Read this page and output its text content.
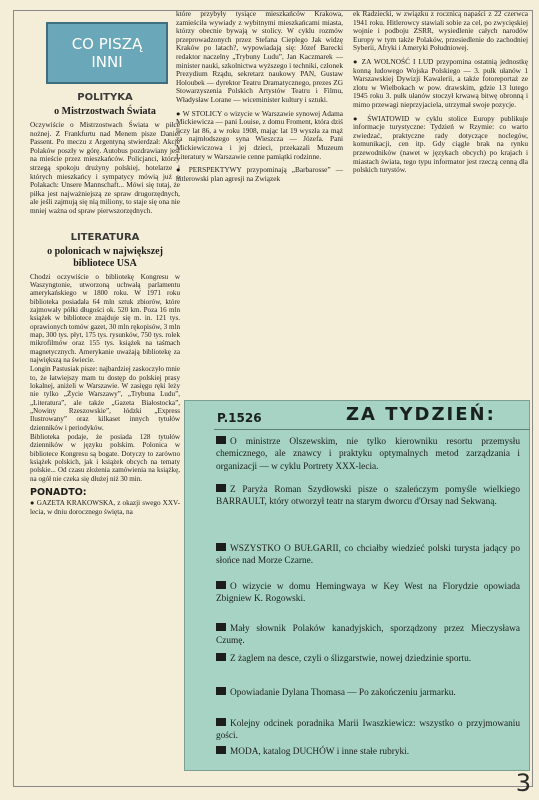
CO PISZĄ
INNI
POLITYKA
o Mistrzostwach Świata

Oczywiście o Mistrzostwach Świata w piłce nożnej. Z Frankfurtu nad Menem pisze Daniel Passent. Po meczu z Argentyną stwierdzał: Akcje Polaków poszły w górę. Autobus pozdrawiany jest na mieście przez mieszkańców. Policjanci, którzy strzegą spokoju drużyny polskiej, hotelarze i których mieszkańcy i sympatycy mówią już o Polakach: Unsere Mannschaft... Mówi się tutaj, że piłka jest najważniejszą ze spraw drugorzędnych, ale jeśli zajmują się nią miliony, to staje się ona nie mniej ważna od spraw pierwszorzędnych.

LITERATURA
o polonicach w największej bibliotece USA

Chodzi oczywiście o bibliotekę Kongresu w Waszyngtonie, utworzoną uchwałą parlamentu amerykańskiego w 1800 roku. W 1971 roku biblioteka posiadała 64 mln sztuk zbiorów, które zajmowały półki długości ok. 520 km. Poza 16 mln książek w bibliotece znajduje się m. in. 121 tys. oprawionych tomów gazet, 30 mln rękopisów, 3 mln map, 300 tys. płyt, 175 tys. rysunków, 750 tys. rolek mikrofilmów oraz 155 tys. książek na taśmach magnetycznych. Amerykanie uważają bibliotekę za największą na świecie.

Longin Pastusiak pisze: najbardziej zaskoczyło mnie to, że łatwiejszy mam tu dostęp do polskiej prasy lokalnej, aniżeli w Warszawie. W zasięgu ręki leży nie tylko „Życie Warszawy”, „Trybuna Ludu”, „Literatura”, ale także „Gazeta Białostocka”, „Nowiny Rzeszowskie”, łódzki „Express Ilustrowany” oraz kilkaset innych tytułów dzienników i periodyków.

Biblioteka podaje, że posiada 128 tytułów dzienników w języku polskim. Polonica w bibliotece Kongresu są bogate. Dotyczy to zarówno książek polskich, jak i książek obcych na tematy polskie... Od czasu złożenia zamówienia na książkę, na ogół nie czeka się dłużej niż 30 min.

PONADTO:

● GAZETA KRAKOWSKA, z okazji swego XXV-lecia, w dniu dorocznego święta, na

które przybyły tysiące mieszkańców Krakowa, zamieściła wywiady z wybitnymi mieszkańcami miasta, którzy obecnie bywają w stolicy. W cyklu rozmów przeprowadzonych przez Stefana Cieplego Jak widzę Kraków po latach?, wypowiadają się: Józef Barecki redaktor naczelny „Trybuny Ludu”, Jan Kaczmarek — minister nauki, szkolnictwa wyższego i techniki, członek Prezydium Rządu, sekretarz naukowy PAN, Gustaw Holoubek — dyrektor Teatru Dramatycznego, prezes ZG Stowarzyszenia Polskich Artystów Teatru i Filmu, Władysław Lorane — wiceminister kultury i sztuki.

● W STOLICY o wizycie w Warszawie synowej Adama Mickiewicza — pani Louise, z domu Froment, która dziś liczy lat 86, a w roku 1908, mając lat 19 wyszła za mąż za najmłodszego syna Wieszcza — Józefa. Pani Mickiewiczowa i jej dzieci, przekazali Muzeum Literatury w Warszawie cenne pamiątki rodzinne.

● PERSPEKTYWY przypominają „Barbarosse” — hitlerowski plan agresji na Związek

ek Radziecki, w związku z rocznicą napaści z 22 czerwca 1941 roku. Hitlerowcy stawiali sobie za cel, po zwycięskiej wojnie i podboju ZSRR, wysiedlenie całych narodów Europy w tym także Polaków, przesiedlenie do zachodniej Syberii, Afryki i Ameryki Południowej.

● ZA WOLNOŚĆ I LUD przypomina ostatnią jednostkę konną ludowego Wojska Polskiego — 3. pułk ułanów 1 Warszawskiej Dywizji Kawalerii, a także fotoreportaż ze zlotu w Wielbokach w pow. drawskim, gdzie 13 lutego 1945 roku 3. pułk ułanów stoczył krwawą bitwę obronną i mimo przewagi nieprzyjaciela, utrzymał swoje pozycje.

● ŚWIATOWID w cyklu stolice Europy publikuje informacje turystyczne: Tydzień w Rzymie: co warto zwiedzać, praktyczne rady dotyczące noclegów, komunikacji, cen itp. Gdy ciągle brak na rynku przewodników (nawet w językach obcych) po krajach i miastach świata, tego typu informator jest rzeczą cenną dla polskich turystów.

P.1526	ZA TYDZIEŃ:
O ministrze Olszewskim, nie tylko kierowniku resortu przemysłu chemicznego, ale znawcy i praktyku optymalnych metod zarządzania i organizacji — w cyklu Portrety XXX-lecia.
Z Paryża Roman Szydłowski pisze o szaleńczym pomyśle wielkiego BARRAULT, który otworzył teatr na starym dworcu d'Orsay nad Sekwaną.
WSZYSTKO O BUŁGARII, co chciałby wiedzieć polski turysta jadący po słońce nad Morze Czarne.
O wizycie w domu Hemingwaya w Key West na Florydzie opowiada Zbigniew K. Rogowski.
Mały słownik Polaków kanadyjskich, sporządzony przez Mieczysława Czumę.
Z żaglem na desce, czyli o ślizgarstwie, nowej dziedzinie sportu.
Opowiadanie Dylana Thomasa — Po zakończeniu jarmarku.
Kolejny odcinek poradnika Marii Iwaszkiewicz: wszystko o przyjmowaniu gości.
MODA, katalog DUCHÓW i inne stałe rubryki.
3
